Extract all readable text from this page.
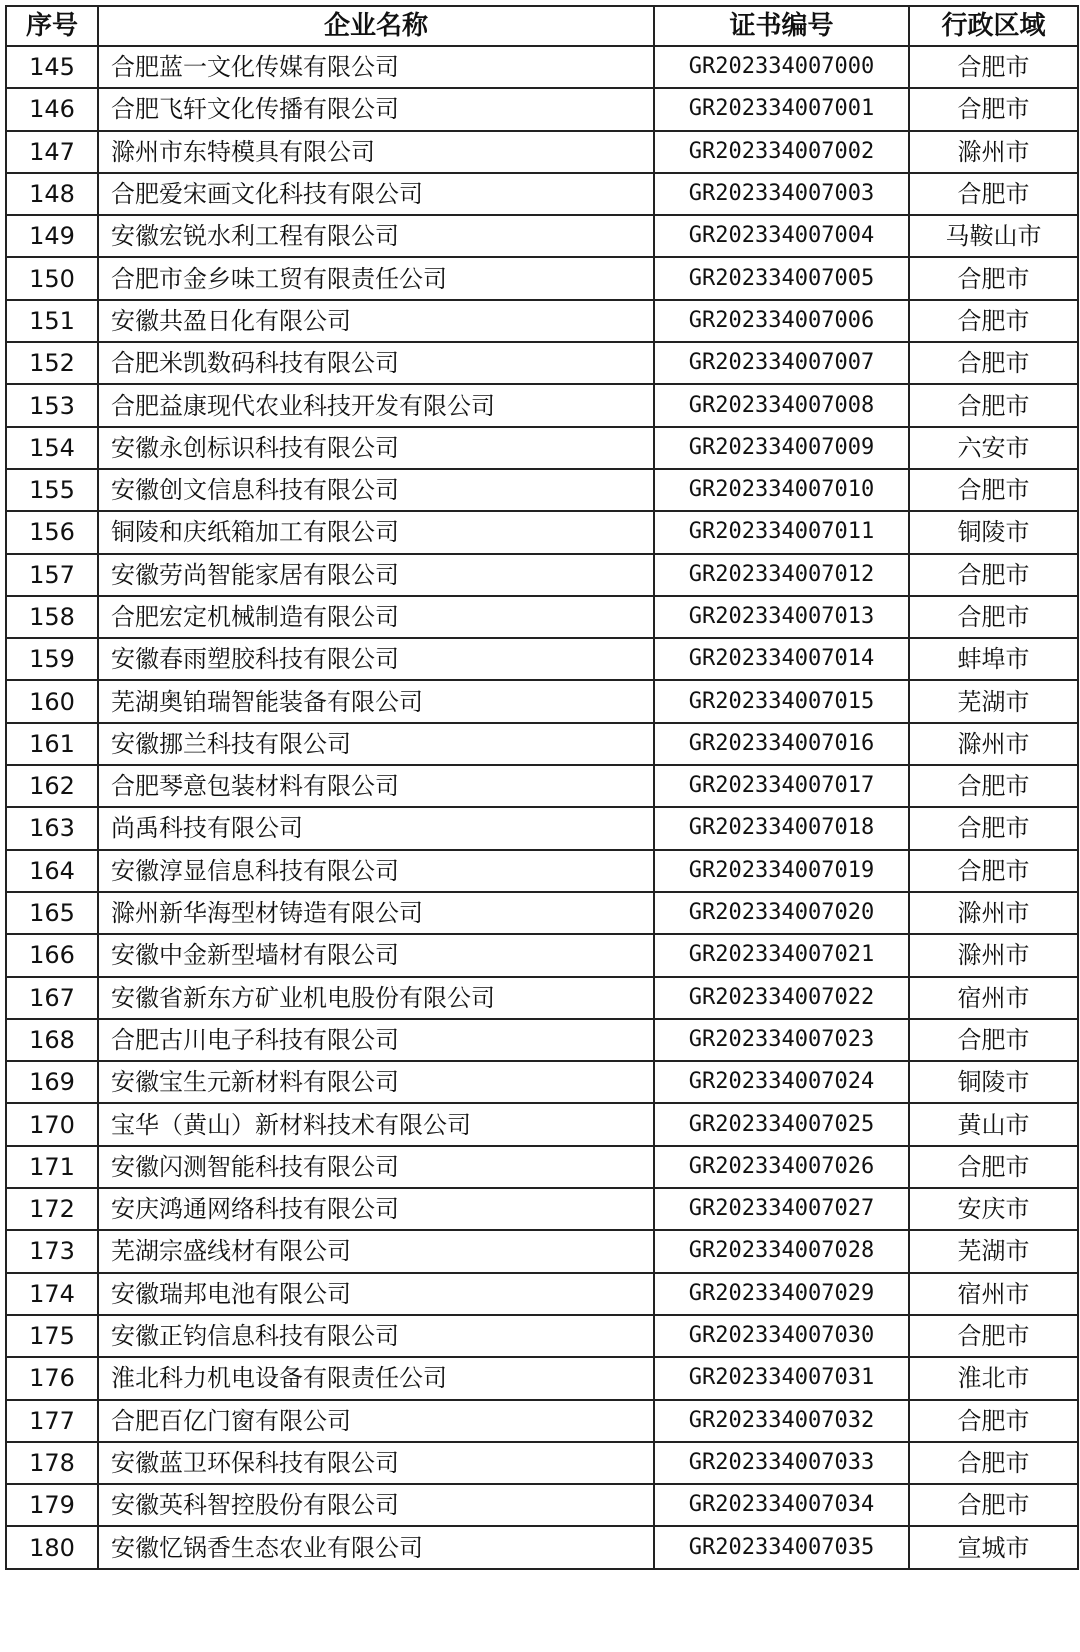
序号	企业名称	证书编号	行政区域
145	合肥蓝一文化传媒有限公司	GR202334007000	合肥市
146	合肥飞轩文化传播有限公司	GR202334007001	合肥市
147	滁州市东特模具有限公司	GR202334007002	滁州市
148	合肥爱宋画文化科技有限公司	GR202334007003	合肥市
149	安徽宏锐水利工程有限公司	GR202334007004	马鞍山市
150	合肥市金乡味工贸有限责任公司	GR202334007005	合肥市
151	安徽共盈日化有限公司	GR202334007006	合肥市
152	合肥米凯数码科技有限公司	GR202334007007	合肥市
153	合肥益康现代农业科技开发有限公司	GR202334007008	合肥市
154	安徽永创标识科技有限公司	GR202334007009	六安市
155	安徽创文信息科技有限公司	GR202334007010	合肥市
156	铜陵和庆纸箱加工有限公司	GR202334007011	铜陵市
157	安徽劳尚智能家居有限公司	GR202334007012	合肥市
158	合肥宏定机械制造有限公司	GR202334007013	合肥市
159	安徽春雨塑胶科技有限公司	GR202334007014	蚌埠市
160	芜湖奥铂瑞智能装备有限公司	GR202334007015	芜湖市
161	安徽挪兰科技有限公司	GR202334007016	滁州市
162	合肥琴意包装材料有限公司	GR202334007017	合肥市
163	尚禹科技有限公司	GR202334007018	合肥市
164	安徽淳显信息科技有限公司	GR202334007019	合肥市
165	滁州新华海型材铸造有限公司	GR202334007020	滁州市
166	安徽中金新型墙材有限公司	GR202334007021	滁州市
167	安徽省新东方矿业机电股份有限公司	GR202334007022	宿州市
168	合肥古川电子科技有限公司	GR202334007023	合肥市
169	安徽宝生元新材料有限公司	GR202334007024	铜陵市
170	宝华（黄山）新材料技术有限公司	GR202334007025	黄山市
171	安徽闪测智能科技有限公司	GR202334007026	合肥市
172	安庆鸿通网络科技有限公司	GR202334007027	安庆市
173	芜湖宗盛线材有限公司	GR202334007028	芜湖市
174	安徽瑞邦电池有限公司	GR202334007029	宿州市
175	安徽正钧信息科技有限公司	GR202334007030	合肥市
176	淮北科力机电设备有限责任公司	GR202334007031	淮北市
177	合肥百亿门窗有限公司	GR202334007032	合肥市
178	安徽蓝卫环保科技有限公司	GR202334007033	合肥市
179	安徽英科智控股份有限公司	GR202334007034	合肥市
180	安徽忆锅香生态农业有限公司	GR202334007035	宣城市
